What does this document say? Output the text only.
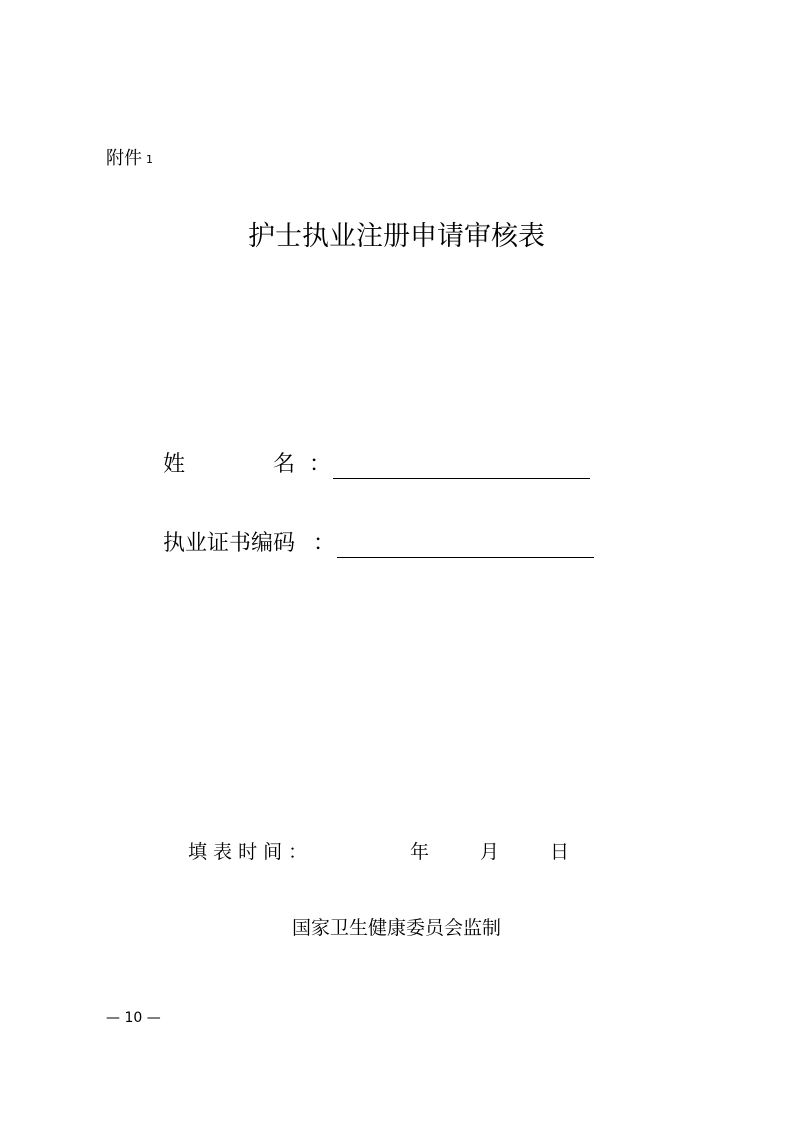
附件 1
护士执业注册申请审核表
姓	名 ：
执业证书编码 ：
填 表 时 间 ：	年	月	日
国家卫生健康委员会监制
— 10 —
